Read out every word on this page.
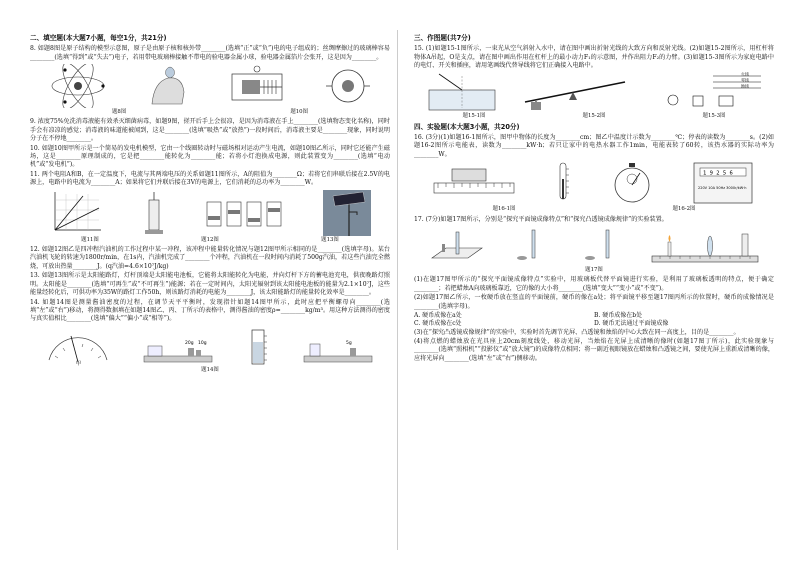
二、填空题(本大题7小题，每空1分，共21分)

8. 如题8图是原子结构的模型示意图，原子是由原子核和核外带________(选填“正”或“负”)电的电子组成的；丝绸摩擦过的玻璃棒容易________(选填“得到”或“失去”)电子，若用带电玻璃棒接触不带电的验电器金属小球，验电器金属箔片会张开，这是因为________。

题8图	题10图

9. 浓度75%免洗消毒液能有效杀灭细菌病毒，如题9图，搓开后手上会很凉，是因为消毒液在手上________(选填物态变化名称)，同时手会有凉凉的感觉；消毒液的味道能被闻到，这是________(选填“吸热”或“放热”)一段时间后，消毒液主要是________现象，同时说明分子在不停地________。

10. 如题10图甲所示是一个简易的发电机模型，它由一个线圈转动时与磁场相对运动产生电流，如题10图乙所示，同时它还能产生磁场，这是________原理制成的，它是把________能转化为________能；若将小灯泡换成电源，则此装置变为________(选填“电动机”或“发电机”)。

11. 两个电阻A和B，在一定温度下，电流与其两端电压的关系如题11图所示，A的阻值为________Ω；若将它们串联后接在2.5V的电源上，电路中的电流为________A；如果将它们并联后接在3V的电源上，它们消耗的总功率为________W。

题11图	题12图	题13图

12. 如题12图乙是四冲程汽油机的工作过程中某一冲程，该冲程中能量转化情况与题12图甲所示相同的是________(选填字母)。某台汽油机飞轮的转速为1800r/min，在1s内，汽油机完成了________个冲程，汽油机在一段时间内消耗了500g汽油，若这些汽油完全燃烧，可放出热量________J。(q汽油=4.6×10⁷J/kg)

13. 如题13图所示是太阳能路灯，灯杆顶端是太阳能电池板，它能将太阳能转化为电能，并向灯杆下方的蓄电池充电，供夜晚路灯照明。太阳能是________(选填“可再生”或“不可再生”)能源；若在一定时间内，太阳光辐射到该太阳能电池板的能量为2.1×10⁷J，这些能量经转化后，可供功率为35W的路灯工作50h，则该路灯消耗的电能为________J，该太阳能路灯的能量转化效率是________。

14. 如题14图是测量酱油密度的过程，在调节天平平衡时，发现指针如题14图甲所示，此时应把平衡螺母向________(选填“左”或“右”)移动，将测得数据填在如题14图乙、丙、丁所示的表格中，测得酱油的密度ρ=________kg/m³。用这种方法测得的密度与真实值相比________(选填“偏大”“偏小”或“相等”)。

甲
20g 10g	5g
题14图
三、作图题(共7分)

15. (1)如题15-1图所示，一束光从空气斜射入水中，请在图中画出折射光线的大致方向和反射光线。(2)如题15-2图所示，用杠杆将物体A吊起，O是支点，请在图中画出作用在杠杆上的最小动力F₁的示意图，并作出阻力F₂的力臂。(3)如题15-3图所示为家庭电路中的电灯、开关和插座，请用笔画线代替导线将它们正确接入电路中。

火线
零线
地线
题15-1图	题15-2图	题15-3图
四、实验题(本大题3小题，共20分)

16. (3分)(1)如题16-1图所示，图甲中物体的长度为________cm；图乙中温度计示数为________℃；停表的读数为________s。(2)如题16-2图所示电能表，读数为________kW·h；若只让家中的电热水器工作1min，电能表转了60转，该热水器的实际功率为________W。

1 9 2 5 6
220V 10A 50Hz 3000r/kW·h
题16-1图	题16-2图

17. (7分)如题17图所示，分别是“探究平面镜成像特点”和“探究凸透镜成像规律”的实验装置。

题17图

(1)在题17图甲所示的“探究平面镜成像特点”实验中，用玻璃板代替平面镜进行实验，是利用了玻璃板透明的特点，便于确定________；若把蜡烛A向玻璃板靠近，它的像的大小将________(选填“变大”“变小”或“不变”)。

(2)如题17图乙所示，一枚硬币放在竖直的平面镜前，硬币的像在a处；将平面镜平移至题17图丙所示的位置时，硬币的成像情况是________(选填字母)。

A. 硬币成像在a处	B. 硬币成像在b处
C. 硬币成像在c处	D. 硬币无法通过平面镜成像

(3)在“探究凸透镜成像规律”的实验中，实验时首先调节光屏、凸透镜和烛焰的中心大致在同一高度上，目的是________。

(4)将点燃的蜡烛放在光具座上20cm刻度线处，移动光屏，当烛焰在光屏上成清晰的像时(如题17图丁所示)，此实验现象与________(选填“照相机”“投影仪”或“放大镜”)的成像特点相同；将一副近视眼镜放在蜡烛和凸透镜之间，要使光屏上重新成清晰的像，应将光屏向________(选填“左”或“右”)侧移动。
